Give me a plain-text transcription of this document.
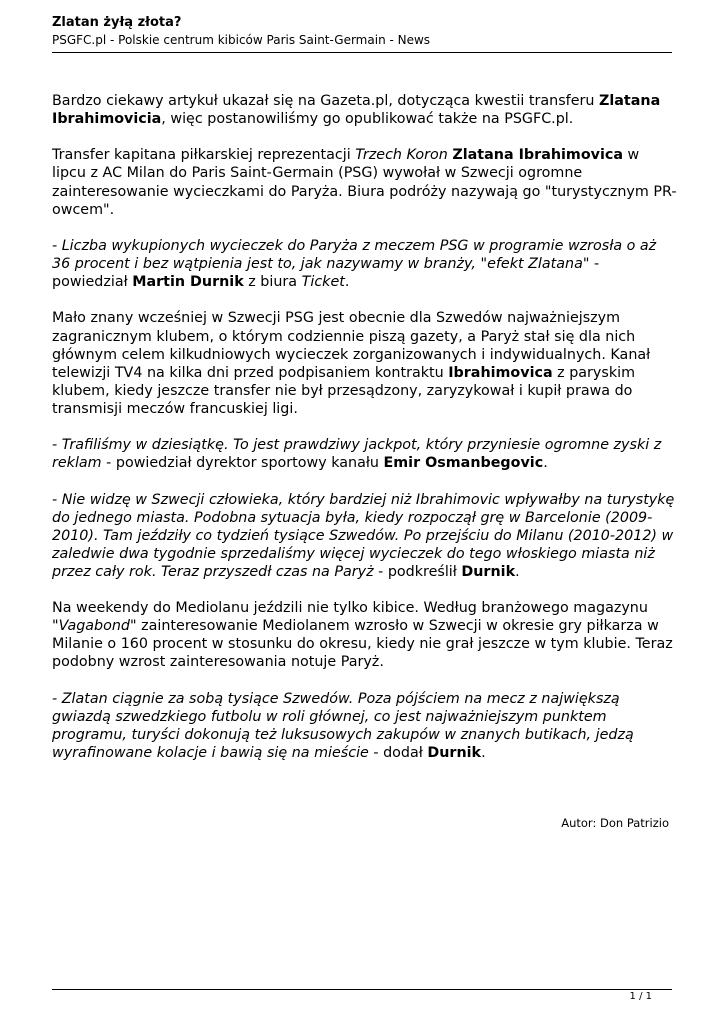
Zlatan żyłą złota?
PSGFC.pl - Polskie centrum kibiców Paris Saint-Germain - News

Bardzo ciekawy artykuł ukazał się na Gazeta.pl, dotycząca kwestii transferu Zlatana Ibrahimovicia, więc postanowiliśmy go opublikować także na PSGFC.pl.

Transfer kapitana piłkarskiej reprezentacji Trzech Koron Zlatana Ibrahimovica w lipcu z AC Milan do Paris Saint-Germain (PSG) wywołał w Szwecji ogromne zainteresowanie wycieczkami do Paryża. Biura podróży nazywają go "turystycznym PR-owcem".

- Liczba wykupionych wycieczek do Paryża z meczem PSG w programie wzrosła o aż 36 procent i bez wątpienia jest to, jak nazywamy w branży, "efekt Zlatana" - powiedział Martin Durnik z biura Ticket.

Mało znany wcześniej w Szwecji PSG jest obecnie dla Szwedów najważniejszym zagranicznym klubem, o którym codziennie piszą gazety, a Paryż stał się dla nich głównym celem kilkudniowych wycieczek zorganizowanych i indywidualnych. Kanał telewizji TV4 na kilka dni przed podpisaniem kontraktu Ibrahimovica z paryskim klubem, kiedy jeszcze transfer nie był przesądzony, zaryzykował i kupił prawa do transmisji meczów francuskiej ligi.

- Trafiliśmy w dziesiątkę. To jest prawdziwy jackpot, który przyniesie ogromne zyski z reklam - powiedział dyrektor sportowy kanału Emir Osmanbegovic.

- Nie widzę w Szwecji człowieka, który bardziej niż Ibrahimovic wpływałby na turystykę do jednego miasta. Podobna sytuacja była, kiedy rozpoczął grę w Barcelonie (2009-2010). Tam jeździły co tydzień tysiące Szwedów. Po przejściu do Milanu (2010-2012) w zaledwie dwa tygodnie sprzedaliśmy więcej wycieczek do tego włoskiego miasta niż przez cały rok. Teraz przyszedł czas na Paryż - podkreślił Durnik.

Na weekendy do Mediolanu jeździli nie tylko kibice. Według branżowego magazynu "Vagabond" zainteresowanie Mediolanem wzrosło w Szwecji w okresie gry piłkarza w Milanie o 160 procent w stosunku do okresu, kiedy nie grał jeszcze w tym klubie. Teraz podobny wzrost zainteresowania notuje Paryż.

- Zlatan ciągnie za sobą tysiące Szwedów. Poza pójściem na mecz z największą gwiazdą szwedzkiego futbolu w roli głównej, co jest najważniejszym punktem programu, turyści dokonują też luksusowych zakupów w znanych butikach, jedzą wyrafinowane kolacje i bawią się na mieście - dodał Durnik.

Autor: Don Patrizio
1 / 1
